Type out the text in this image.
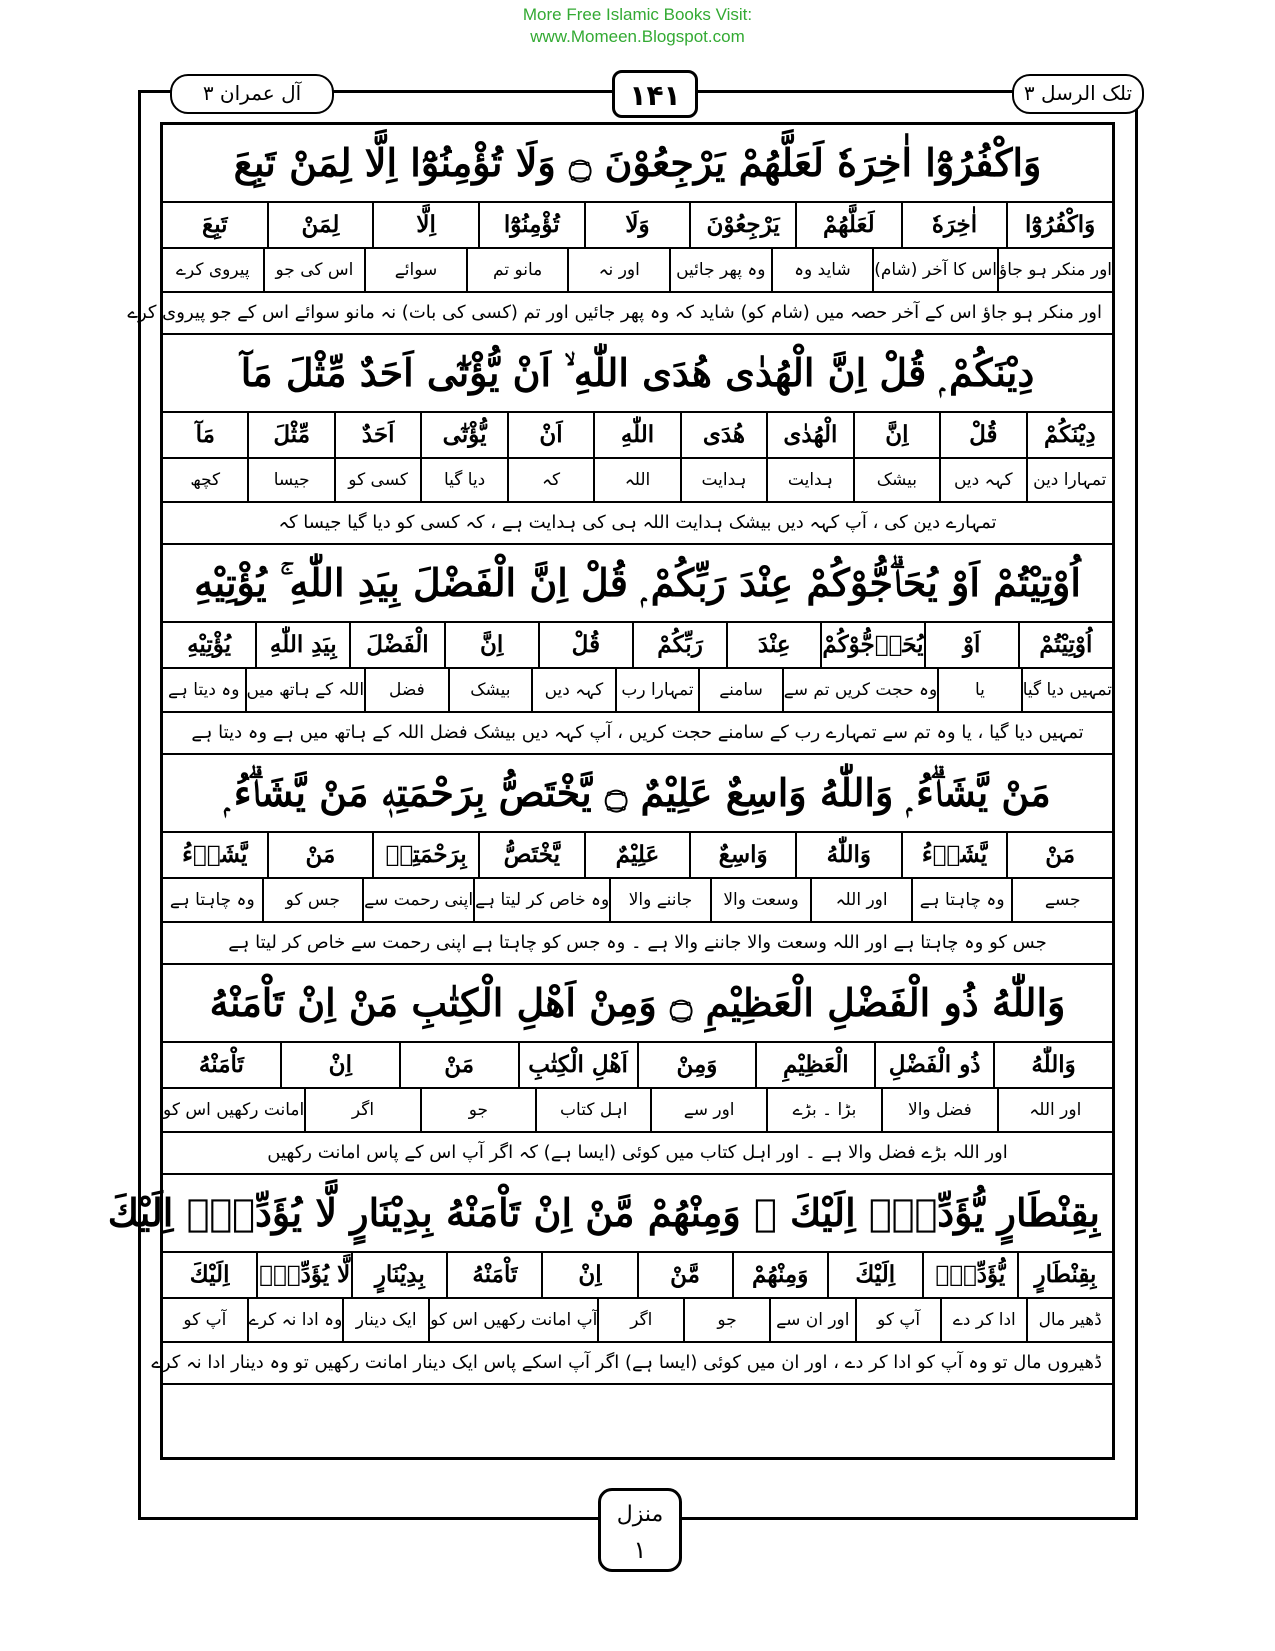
More Free Islamic Books Visit:
www.Momeen.Blogspot.com
آل عمران ۳	۱۴۱	تلک الرسل ۳
وَاكْفُرُوْٓا اٰخِرَهٗ لَعَلَّهُمْ يَرْجِعُوْنَ ۝ وَلَا تُؤْمِنُوْٓا اِلَّا لِمَنْ تَبِعَ
وَاكْفُرُوْٓا
اٰخِرَهٗ
لَعَلَّهُمْ
يَرْجِعُوْنَ
وَلَا
تُؤْمِنُوْٓا
اِلَّا
لِمَنْ
تَبِعَ
اور منکر ہو جاؤ
اس کا آخر (شام)
شاید وہ
وہ پھر جائیں
اور نہ
مانو تم
سوائے
اس کی جو
پیروی کرے
اور منکر ہو جاؤ اس کے آخر حصہ میں (شام کو) شاید کہ وہ پھر جائیں اور تم (کسی کی بات) نہ مانو سوائے اس کے جو پیروی کرے
دِيْنَكُمْ ۭ قُلْ اِنَّ الْهُدٰى هُدَى اللّٰهِ ۙ اَنْ يُّؤْتٰٓى اَحَدٌ مِّثْلَ مَآ
دِيْنَكُمْ
قُلْ
اِنَّ
الْهُدٰى
هُدَى
اللّٰهِ
اَنْ
يُّؤْتٰٓى
اَحَدٌ
مِّثْلَ
مَآ
تمہارا دین
کہہ دیں
بیشک
ہدایت
ہدایت
اللہ
کہ
دیا گیا
کسی کو
جیسا
کچھ
تمہارے دین کی ، آپ کہہ دیں بیشک ہدایت اللہ ہی کی ہدایت ہے ، کہ کسی کو دیا گیا جیسا کہ
اُوْتِيْتُمْ اَوْ يُحَاۗجُّوْكُمْ عِنْدَ رَبِّكُمْ ۭ قُلْ اِنَّ الْفَضْلَ بِيَدِ اللّٰهِ ۚ يُؤْتِيْهِ
اُوْتِيْتُمْ
اَوْ
يُحَاۗجُّوْكُمْ
عِنْدَ
رَبِّكُمْ
قُلْ
اِنَّ
الْفَضْلَ
بِيَدِ اللّٰهِ
يُؤْتِيْهِ
تمہیں دیا گیا
یا
وہ حجت کریں تم سے
سامنے
تمہارا رب
کہہ دیں
بیشک
فضل
اللہ کے ہاتھ میں
وہ دیتا ہے
تمہیں دیا گیا ، یا وہ تم سے تمہارے رب کے سامنے حجت کریں ، آپ کہہ دیں بیشک فضل اللہ کے ہاتھ میں ہے وہ دیتا ہے
مَنْ يَّشَاۗءُ ۭ وَاللّٰهُ وَاسِعٌ عَلِيْمٌ ۝ يَّخْتَصُّ بِرَحْمَتِهٖ مَنْ يَّشَاۗءُ ۭ
مَنْ
يَّشَاۗءُ
وَاللّٰهُ
وَاسِعٌ
عَلِيْمٌ
يَّخْتَصُّ
بِرَحْمَتِهٖ
مَنْ
يَّشَاۗءُ
جسے
وہ چاہتا ہے
اور اللہ
وسعت والا
جاننے والا
وہ خاص کر لیتا ہے
اپنی رحمت سے
جس کو
وہ چاہتا ہے
جس کو وہ چاہتا ہے اور اللہ وسعت والا جاننے والا ہے ۔ وہ جس کو چاہتا ہے اپنی رحمت سے خاص کر لیتا ہے
وَاللّٰهُ ذُو الْفَضْلِ الْعَظِيْمِ ۝ وَمِنْ اَھْلِ الْكِتٰبِ مَنْ اِنْ تَاْمَنْهُ
وَاللّٰهُ
ذُو الْفَضْلِ
الْعَظِيْمِ
وَمِنْ
اَھْلِ الْكِتٰبِ
مَنْ
اِنْ
تَاْمَنْهُ
اور اللہ
فضل والا
بڑا ۔ بڑے
اور سے
اہل کتاب
جو
اگر
امانت رکھیں اس کو
اور اللہ بڑے فضل والا ہے ۔ اور اہل کتاب میں کوئی (ایسا ہے) کہ اگر آپ اس کے پاس امانت رکھیں
بِقِنْطَارٍ يُّؤَدِّهٖٓ اِلَيْكَ ۚ وَمِنْھُمْ مَّنْ اِنْ تَاْمَنْهُ بِدِيْنَارٍ لَّا يُؤَدِّهٖٓ اِلَيْكَ
بِقِنْطَارٍ
يُّؤَدِّهٖٓ
اِلَيْكَ
وَمِنْھُمْ
مَّنْ
اِنْ
تَاْمَنْهُ
بِدِيْنَارٍ
لَّا يُؤَدِّهٖٓ
اِلَيْكَ
ڈھیر مال
ادا کر دے
آپ کو
اور ان سے
جو
اگر
آپ امانت رکھیں اس کو
ایک دینار
وہ ادا نہ کرے
آپ کو
ڈھیروں مال تو وہ آپ کو ادا کر دے ، اور ان میں کوئی (ایسا ہے) اگر آپ اسکے پاس ایک دینار امانت رکھیں تو وہ دینار ادا نہ کرے
منزل
۱
